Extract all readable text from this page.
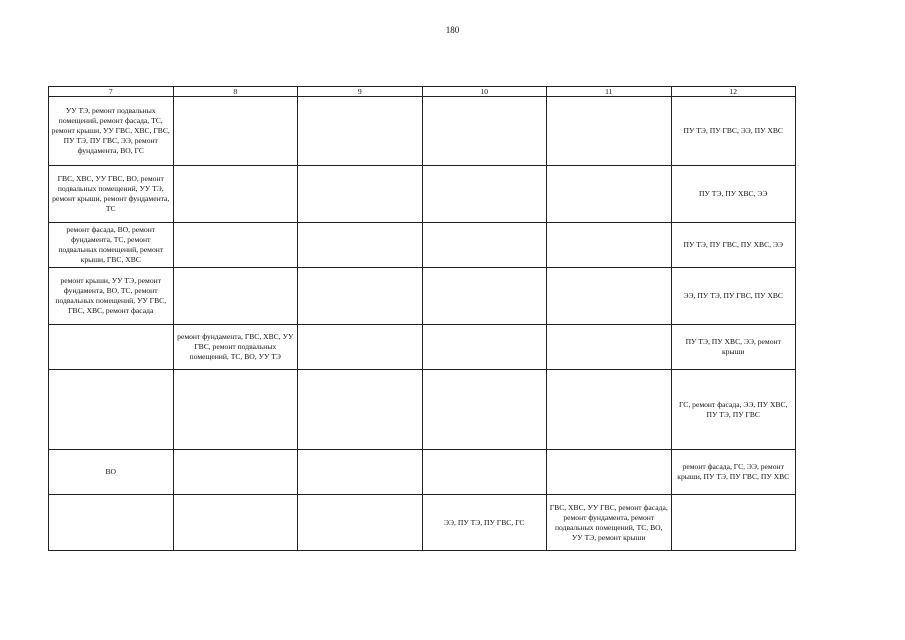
180
7	8	9	10	11	12
УУ ТЭ, ремонт подвальных помещений, ремонт фасада, ТС, ремонт крыши, УУ ГВС, ХВС, ГВС, ПУ ТЭ, ПУ ГВС, ЭЭ, ремонт фундамента, ВО, ГС					ПУ ТЭ, ПУ ГВС, ЭЭ, ПУ ХВС
ГВС, ХВС, УУ ГВС, ВО, ремонт подвальных помещений, УУ ТЭ, ремонт крыши, ремонт фундамента, ТС					ПУ ТЭ, ПУ ХВС, ЭЭ
ремонт фасада, ВО, ремонт фундамента, ТС, ремонт подвальных помещений, ремонт крыши, ГВС, ХВС					ПУ ТЭ, ПУ ГВС, ПУ ХВС, ЭЭ
ремонт крыши, УУ ТЭ, ремонт фундамента, ВО, ТС, ремонт подвальных помещений, УУ ГВС, ГВС, ХВС, ремонт фасада					ЭЭ, ПУ ТЭ, ПУ ГВС, ПУ ХВС
	ремонт фундамента, ГВС, ХВС, УУ ГВС, ремонт подвальных помещений, ТС, ВО, УУ ТЭ				ПУ ТЭ, ПУ ХВС, ЭЭ, ремонт крыши
					ГС, ремонт фасада, ЭЭ, ПУ ХВС, ПУ ТЭ, ПУ ГВС
ВО					ремонт фасада, ГС, ЭЭ, ремонт крыши, ПУ ТЭ, ПУ ГВС, ПУ ХВС
			ЭЭ, ПУ ТЭ, ПУ ГВС, ГС	ГВС, ХВС, УУ ГВС, ремонт фасада, ремонт фундамента, ремонт подвальных помещений, ТС, ВО, УУ ТЭ, ремонт крыши	
